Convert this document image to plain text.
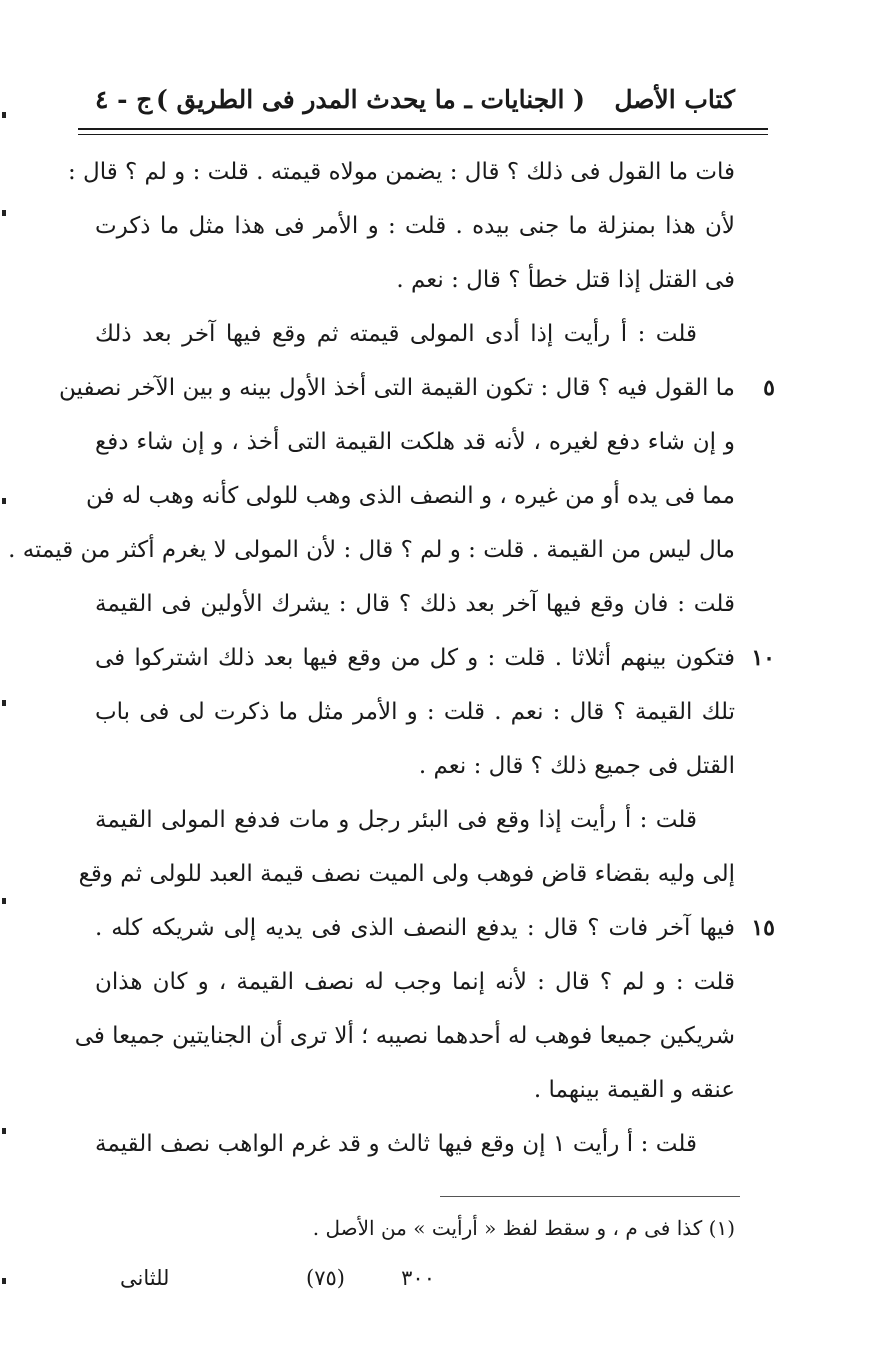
كتاب الأصل
( الجنايات ـ ما يحدث المدر فى الطريق )
ج - ٤
فات ما القول فى ذلك ؟ قال : يضمن مولاه قيمته . قلت : و لم ؟ قال :
لأن هذا بمنزلة ما جنى بيده . قلت : و الأمر فى هذا مثل ما ذكرت
فى القتل إذا قتل خطأ ؟ قال : نعم .
قلت : أ رأيت إذا أدى المولى قيمته ثم وقع فيها آخر بعد ذلك
ما القول فيه ؟ قال : تكون القيمة التى أخذ الأول بينه و بين الآخر نصفين ٥
و إن شاء دفع لغيره ، لأنه قد هلكت القيمة التى أخذ ، و إن شاء دفع
مما فى يده أو من غيره ، و النصف الذى وهب للولى كأنه وهب له فن
مال ليس من القيمة . قلت : و لم ؟ قال : لأن المولى لا يغرم أكثر من قيمته .
قلت : فان وقع فيها آخر بعد ذلك ؟ قال : يشرك الأولين فى القيمة
فتكون بينهم أثلاثا . قلت : و كل من وقع فيها بعد ذلك اشتركوا فى ١٠
تلك القيمة ؟ قال : نعم . قلت : و الأمر مثل ما ذكرت لى فى باب
القتل فى جميع ذلك ؟ قال : نعم .
قلت : أ رأيت إذا وقع فى البئر رجل و مات فدفع المولى القيمة
إلى وليه بقضاء قاض فوهب ولى الميت نصف قيمة العبد للولى ثم وقع
فيها آخر فات ؟ قال : يدفع النصف الذى فى يديه إلى شريكه كله . ١٥
قلت : و لم ؟ قال : لأنه إنما وجب له نصف القيمة ، و كان هذان
شريكين جميعا فوهب له أحدهما نصيبه ؛ ألا ترى أن الجنايتين جميعا فى
عنقه و القيمة بينهما .
قلت : أ رأيت ١ إن وقع فيها ثالث و قد غرم الواهب نصف القيمة
(١) كذا فى م ، و سقط لفظ « أرأيت » من الأصل .
٣٠٠
(٧٥)
للثانى
